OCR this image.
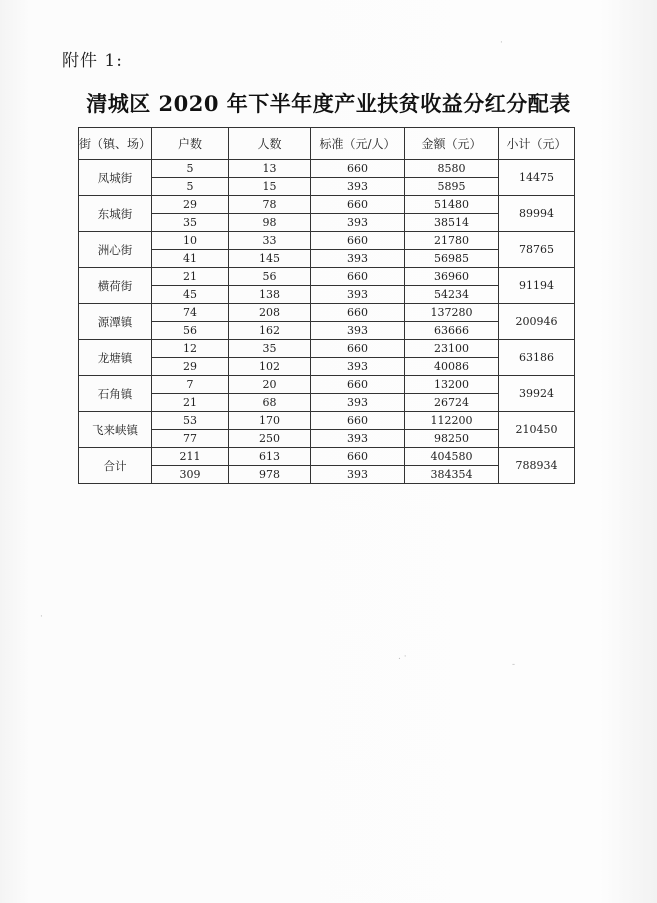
附件 1:
清城区 2020 年下半年度产业扶贫收益分红分配表
街（镇、场）	户数	人数	标准（元/人）	金额（元）	小计（元）
凤城街	5	13	660	8580	14475
	5	15	393	5895	
东城街	29	78	660	51480	89994
	35	98	393	38514	
洲心街	10	33	660	21780	78765
	41	145	393	56985	
横荷街	21	56	660	36960	91194
	45	138	393	54234	
源潭镇	74	208	660	137280	200946
	56	162	393	63666	
龙塘镇	12	35	660	23100	63186
	29	102	393	40086	
石角镇	7	20	660	13200	39924
	21	68	393	26724	
飞来峡镇	53	170	660	112200	210450
	77	250	393	98250	
合计	211	613	660	404580	788934
	309	978	393	384354	
·
. ·
-
·
